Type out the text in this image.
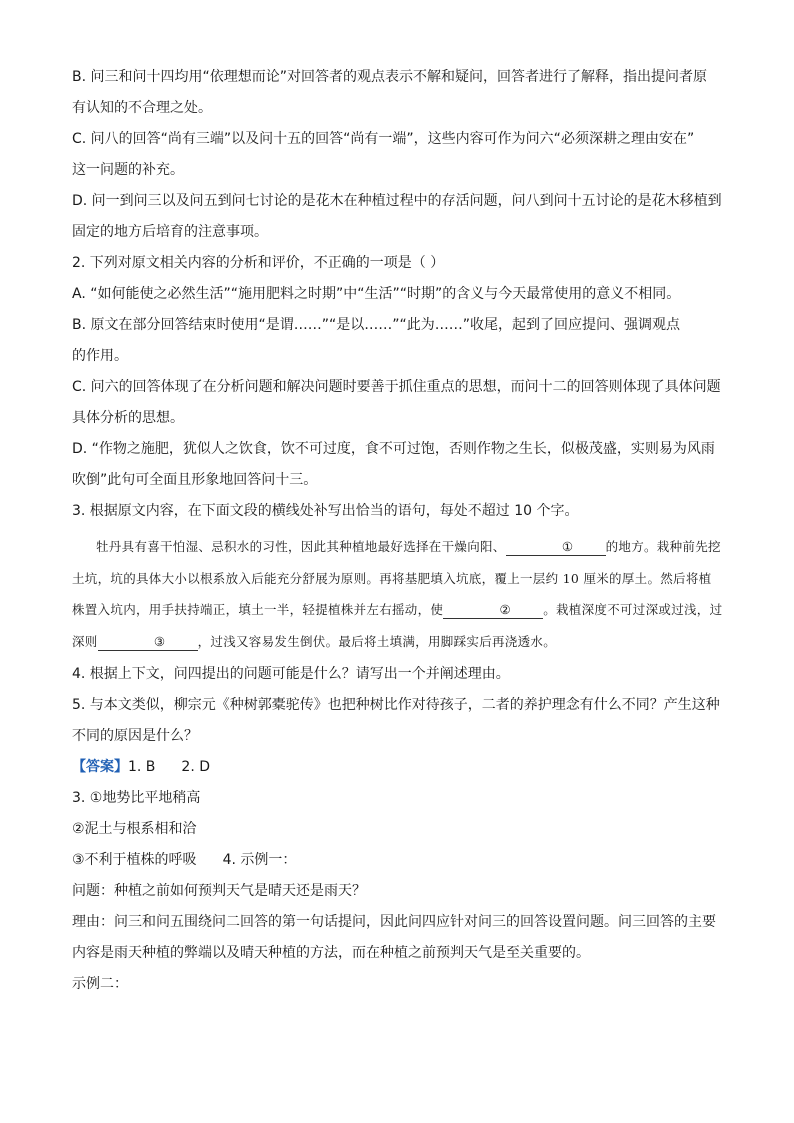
B. 问三和问十四均用“依理想而论”对回答者的观点表示不解和疑问，回答者进行了解释，指出提问者原

有认知的不合理之处。

C. 问八的回答“尚有三端”以及问十五的回答“尚有一端”，这些内容可作为问六“必须深耕之理由安在”

这一问题的补充。

D. 问一到问三以及问五到问七讨论的是花木在种植过程中的存活问题，问八到问十五讨论的是花木移植到

固定的地方后培育的注意事项。

2. 下列对原文相关内容的分析和评价，不正确的一项是（ ）

A. “如何能使之必然生活”“施用肥料之时期”中“生活”“时期”的含义与今天最常使用的意义不相同。

B. 原文在部分回答结束时使用“是谓……”“是以……”“此为……”收尾，起到了回应提问、强调观点

的作用。

C. 问六的回答体现了在分析问题和解决问题时要善于抓住重点的思想，而问十二的回答则体现了具体问题

具体分析的思想。

D. “作物之施肥，犹似人之饮食，饮不可过度，食不可过饱，否则作物之生长，似极茂盛，实则易为风雨

吹倒”此句可全面且形象地回答问十三。

3. 根据原文内容，在下面文段的横线处补写出恰当的语句，每处不超过 10 个字。

牡丹具有喜干怕湿、忌积水的习性，因此其种植地最好选择在干燥向阳、	①	的地方。栽种前先挖土坑，坑的具体大小以根系放入后能充分舒展为原则。再将基肥填入坑底，覆上一层约 10 厘米的厚土。然后将植株置入坑内，用手扶持端正，填土一半，轻提植株并左右摇动，使	②	。栽植深度不可过深或过浅，过深则	③	，过浅又容易发生倒伏。最后将土填满，用脚踩实后再浇透水。

4. 根据上下文，问四提出的问题可能是什么？请写出一个并阐述理由。

5. 与本文类似，柳宗元《种树郭橐驼传》也把种树比作对待孩子，二者的养护理念有什么不同？产生这种

不同的原因是什么？

【答案】1. B 2. D

3. ①地势比平地稍高

②泥土与根系相和洽

③不利于植株的呼吸 4. 示例一：

问题：种植之前如何预判天气是晴天还是雨天？

理由：问三和问五围绕问二回答的第一句话提问，因此问四应针对问三的回答设置问题。问三回答的主要

内容是雨天种植的弊端以及晴天种植的方法，而在种植之前预判天气是至关重要的。

示例二：
